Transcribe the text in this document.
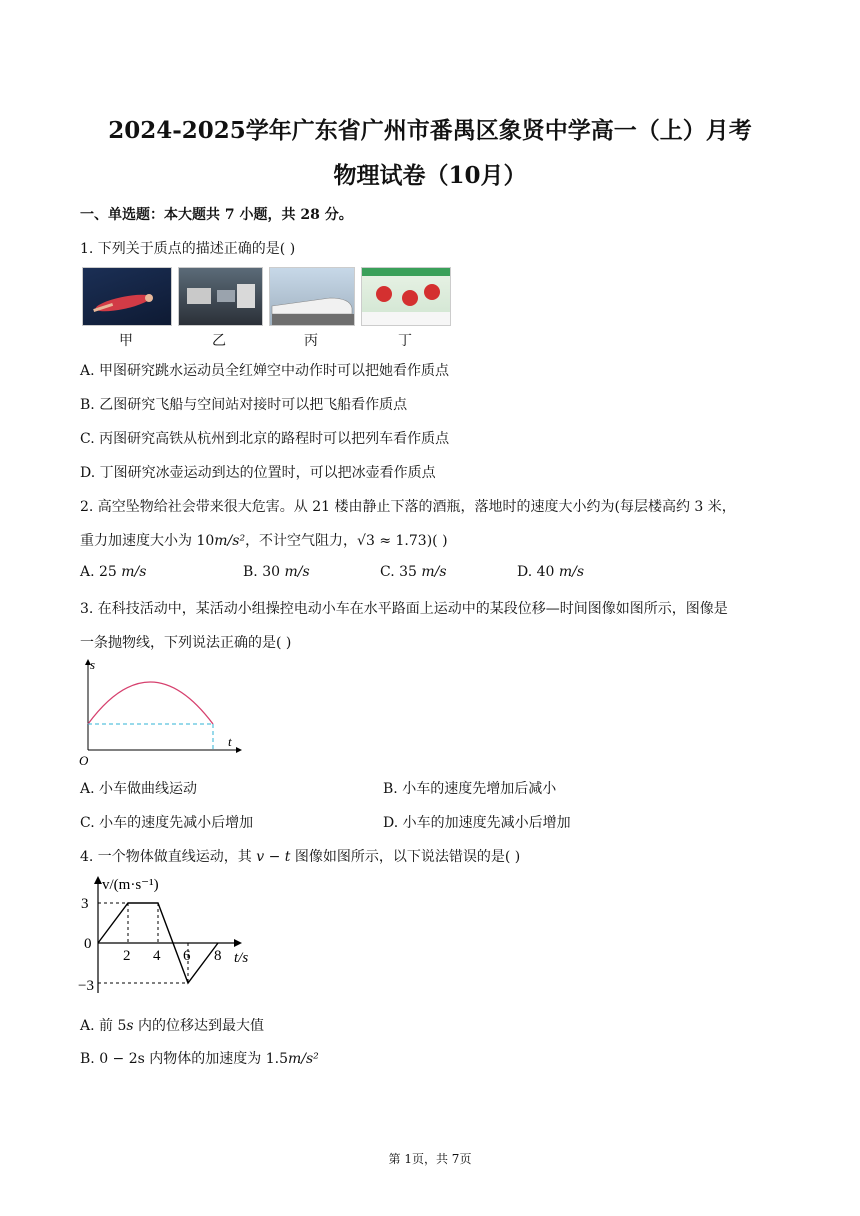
2024-2025学年广东省广州市番禺区象贤中学高一（上）月考
物理试卷（10月）
一、单选题：本大题共 7 小题，共 28 分。
1. 下列关于质点的描述正确的是( )
甲	乙	丙	丁
A. 甲图研究跳水运动员全红婵空中动作时可以把她看作质点
B. 乙图研究飞船与空间站对接时可以把飞船看作质点
C. 丙图研究高铁从杭州到北京的路程时可以把列车看作质点
D. 丁图研究冰壶运动到达的位置时，可以把冰壶看作质点
2. 高空坠物给社会带来很大危害。从 21 楼由静止下落的酒瓶，落地时的速度大小约为(每层楼高约 3 米，
重力加速度大小为 10m/s²，不计空气阻力，√3 ≈ 1.73)( )
A. 25 m/s	B. 30 m/s	C. 35 m/s	D. 40 m/s
3. 在科技活动中，某活动小组操控电动小车在水平路面上运动中的某段位移—时间图像如图所示，图像是
一条抛物线，下列说法正确的是( )
s
t
O
A. 小车做曲线运动	B. 小车的速度先增加后减小
C. 小车的速度先减小后增加	D. 小车的加速度先减小后增加
4. 一个物体做直线运动，其 v − t 图像如图所示，以下说法错误的是( )
v/(m·s⁻¹)
3
0
−3
2 4 6 8 t/s
A. 前 5s 内的位移达到最大值
B. 0 − 2s 内物体的加速度为 1.5m/s²
第 1页，共 7页
